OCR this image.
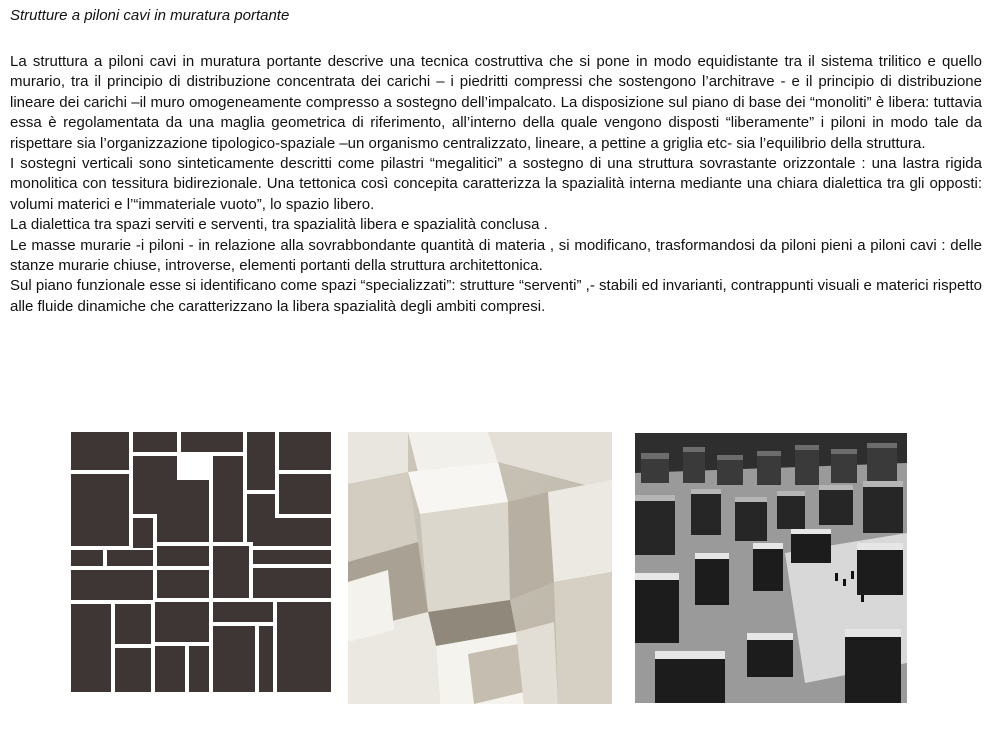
Strutture a piloni cavi in muratura portante

La struttura a piloni cavi in muratura portante descrive una tecnica costruttiva che si pone in modo equidistante tra il sistema trilitico e quello murario, tra il principio di distribuzione concentrata dei carichi – i piedritti compressi che sostengono l’architrave - e il principio di distribuzione lineare dei carichi –il muro omogeneamente compresso a sostegno dell’impalcato. La disposizione sul piano di base dei “monoliti” è libera: tuttavia essa è regolamentata da una maglia geometrica di riferimento, all’interno della quale vengono disposti “liberamente” i piloni in modo tale da rispettare sia l’organizzazione tipologico-spaziale –un organismo centralizzato, lineare, a pettine a griglia etc- sia l’equilibrio della struttura.

I sostegni verticali sono sinteticamente descritti come pilastri “megalitici” a sostegno di una struttura sovrastante orizzontale : una lastra rigida monolitica con tessitura bidirezionale. Una tettonica così concepita caratterizza la spazialità interna mediante una chiara dialettica tra gli opposti: volumi materici e l’“immateriale vuoto”, lo spazio libero.

La dialettica tra spazi serviti e serventi, tra spazialità libera e spazialità conclusa .

Le masse murarie -i piloni - in relazione alla sovrabbondante quantità di materia , si modificano, trasformandosi da piloni pieni a piloni cavi : delle stanze murarie chiuse, introverse, elementi portanti della struttura architettonica.

Sul piano funzionale esse si identificano come spazi “specializzati”: strutture “serventi” ,- stabili ed invarianti, contrappunti visuali e materici rispetto alle fluide dinamiche che caratterizzano la libera spazialità degli ambiti compresi.
